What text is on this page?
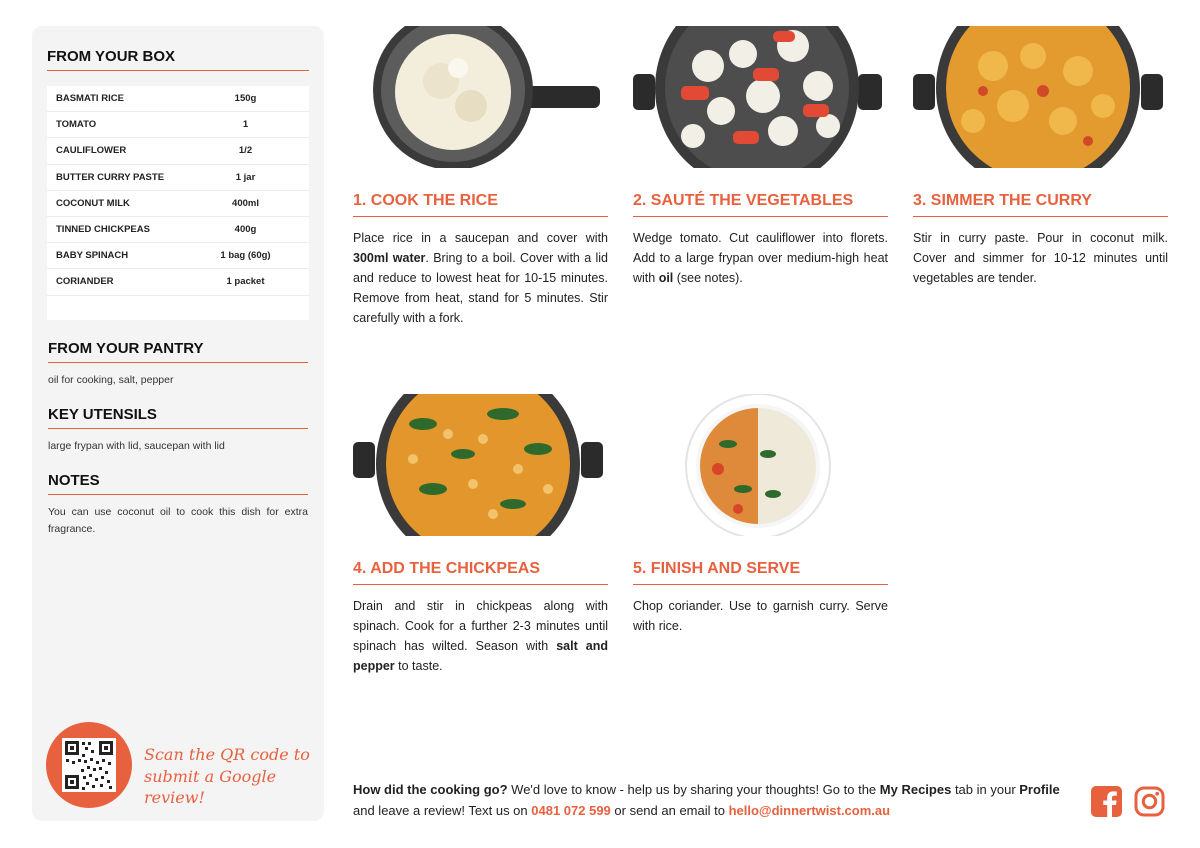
FROM YOUR BOX
BASMATI RICE	150g
TOMATO	1
CAULIFLOWER	1/2
BUTTER CURRY PASTE	1 jar
COCONUT MILK	400ml
TINNED CHICKPEAS	400g
BABY SPINACH	1 bag (60g)
CORIANDER	1 packet
FROM YOUR PANTRY
oil for cooking, salt, pepper
KEY UTENSILS
large frypan with lid, saucepan with lid
NOTES
You can use coconut oil to cook this dish for extra fragrance.
Scan the QR code to
submit a Google review!
1. COOK THE RICE
Place rice in a saucepan and cover with 300ml water. Bring to a boil. Cover with a lid and reduce to lowest heat for 10-15 minutes. Remove from heat, stand for 5 minutes. Stir carefully with a fork.
2. SAUTÉ THE VEGETABLES
Wedge tomato. Cut cauliflower into florets. Add to a large frypan over medium-high heat with oil (see notes).
3. SIMMER THE CURRY
Stir in curry paste. Pour in coconut milk. Cover and simmer for 10-12 minutes until vegetables are tender.
4. ADD THE CHICKPEAS
Drain and stir in chickpeas along with spinach. Cook for a further 2-3 minutes until spinach has wilted. Season with salt and pepper to taste.
5. FINISH AND SERVE
Chop coriander. Use to garnish curry. Serve with rice.
How did the cooking go? We'd love to know - help us by sharing your thoughts! Go to the My Recipes tab in your Profile and leave a review! Text us on 0481 072 599 or send an email to hello@dinnertwist.com.au
